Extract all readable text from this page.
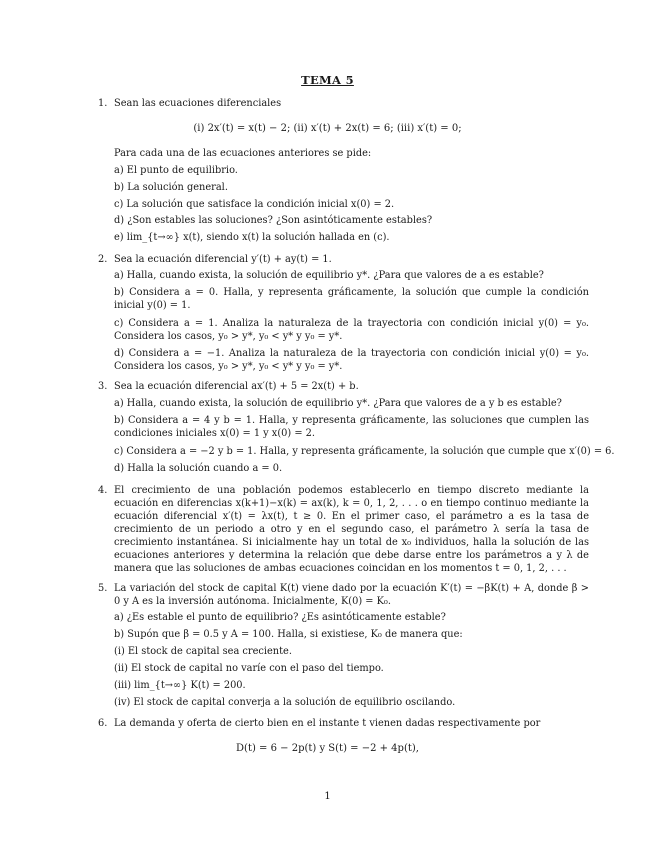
TEMA 5
1. Sean las ecuaciones diferenciales
(i) 2x′(t) = x(t) − 2; (ii) x′(t) + 2x(t) = 6; (iii) x′(t) = 0;
Para cada una de las ecuaciones anteriores se pide:
a) El punto de equilibrio.
b) La solución general.
c) La solución que satisface la condición inicial x(0) = 2.
d) ¿Son estables las soluciones? ¿Son asintóticamente estables?
e) lim_{t→∞} x(t), siendo x(t) la solución hallada en (c).
2. Sea la ecuación diferencial y′(t) + ay(t) = 1.
a) Halla, cuando exista, la solución de equilibrio y*. ¿Para que valores de a es estable?
b) Considera a = 0. Halla, y representa gráficamente, la solución que cumple la condición inicial y(0) = 1.
c) Considera a = 1. Analiza la naturaleza de la trayectoria con condición inicial y(0) = y₀. Considera los casos, y₀ > y*, y₀ < y* y y₀ = y*.
d) Considera a = −1. Analiza la naturaleza de la trayectoria con condición inicial y(0) = y₀. Considera los casos, y₀ > y*, y₀ < y* y y₀ = y*.
3. Sea la ecuación diferencial ax′(t) + 5 = 2x(t) + b.
a) Halla, cuando exista, la solución de equilibrio y*. ¿Para que valores de a y b es estable?
b) Considera a = 4 y b = 1. Halla, y representa gráficamente, las soluciones que cumplen las condiciones iniciales x(0) = 1 y x(0) = 2.
c) Considera a = −2 y b = 1. Halla, y representa gráficamente, la solución que cumple que x′(0) = 6.
d) Halla la solución cuando a = 0.
4. El crecimiento de una población podemos establecerlo en tiempo discreto mediante la ecuación en diferencias x(k+1)−x(k) = ax(k), k = 0, 1, 2, . . . o en tiempo continuo mediante la ecuación diferencial x′(t) = λx(t), t ≥ 0. En el primer caso, el parámetro a es la tasa de crecimiento de un periodo a otro y en el segundo caso, el parámetro λ sería la tasa de crecimiento instantánea. Si inicialmente hay un total de x₀ individuos, halla la solución de las ecuaciones anteriores y determina la relación que debe darse entre los parámetros a y λ de manera que las soluciones de ambas ecuaciones coincidan en los momentos t = 0, 1, 2, . . .
5. La variación del stock de capital K(t) viene dado por la ecuación K′(t) = −βK(t) + A, donde β > 0 y A es la inversión autónoma. Inicialmente, K(0) = K₀.
a) ¿Es estable el punto de equilibrio? ¿Es asintóticamente estable?
b) Supón que β = 0.5 y A = 100. Halla, si existiese, K₀ de manera que:
(i) El stock de capital sea creciente.
(ii) El stock de capital no varíe con el paso del tiempo.
(iii) lim_{t→∞} K(t) = 200.
(iv) El stock de capital converja a la solución de equilibrio oscilando.
6. La demanda y oferta de cierto bien en el instante t vienen dadas respectivamente por
D(t) = 6 − 2p(t) y S(t) = −2 + 4p(t),
1
